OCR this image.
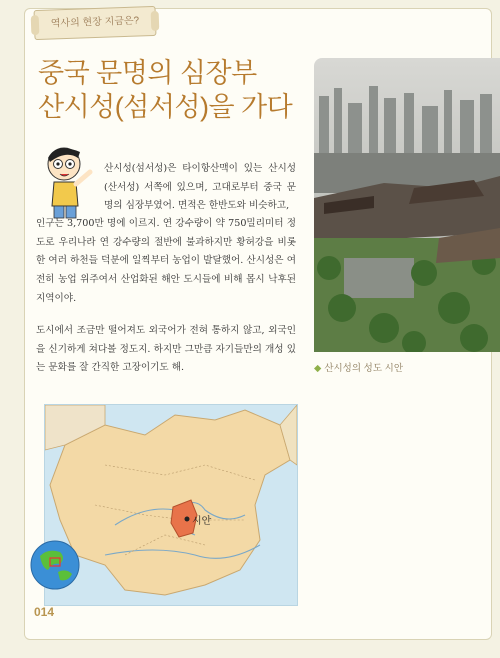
역사의 현장 지금은?
중국 문명의 심장부
산시성(섬서성)을 가다
◆ 산시성의 성도 시안

산시성(섬서성)은 타이항산맥이 있는 산시성(산서성) 서쪽에 있으며, 고대로부터 중국 문명의 심장부였어. 면적은 한반도와 비슷하고,

인구는 3,700만 명에 이르지. 연 강수량이 약 750밀리미터 정도로 우리나라 연 강수량의 절반에 불과하지만 황허강을 비롯한 여러 하천들 덕분에 일찍부터 농업이 발달했어. 산시성은 여전히 농업 위주여서 산업화된 해안 도시들에 비해 몹시 낙후된 지역이야.

도시에서 조금만 떨어져도 외국어가 전혀 통하지 않고, 외국인을 신기하게 쳐다볼 정도지. 하지만 그만큼 자기들만의 개성 있는 문화를 잘 간직한 고장이기도 해.

시안
014
